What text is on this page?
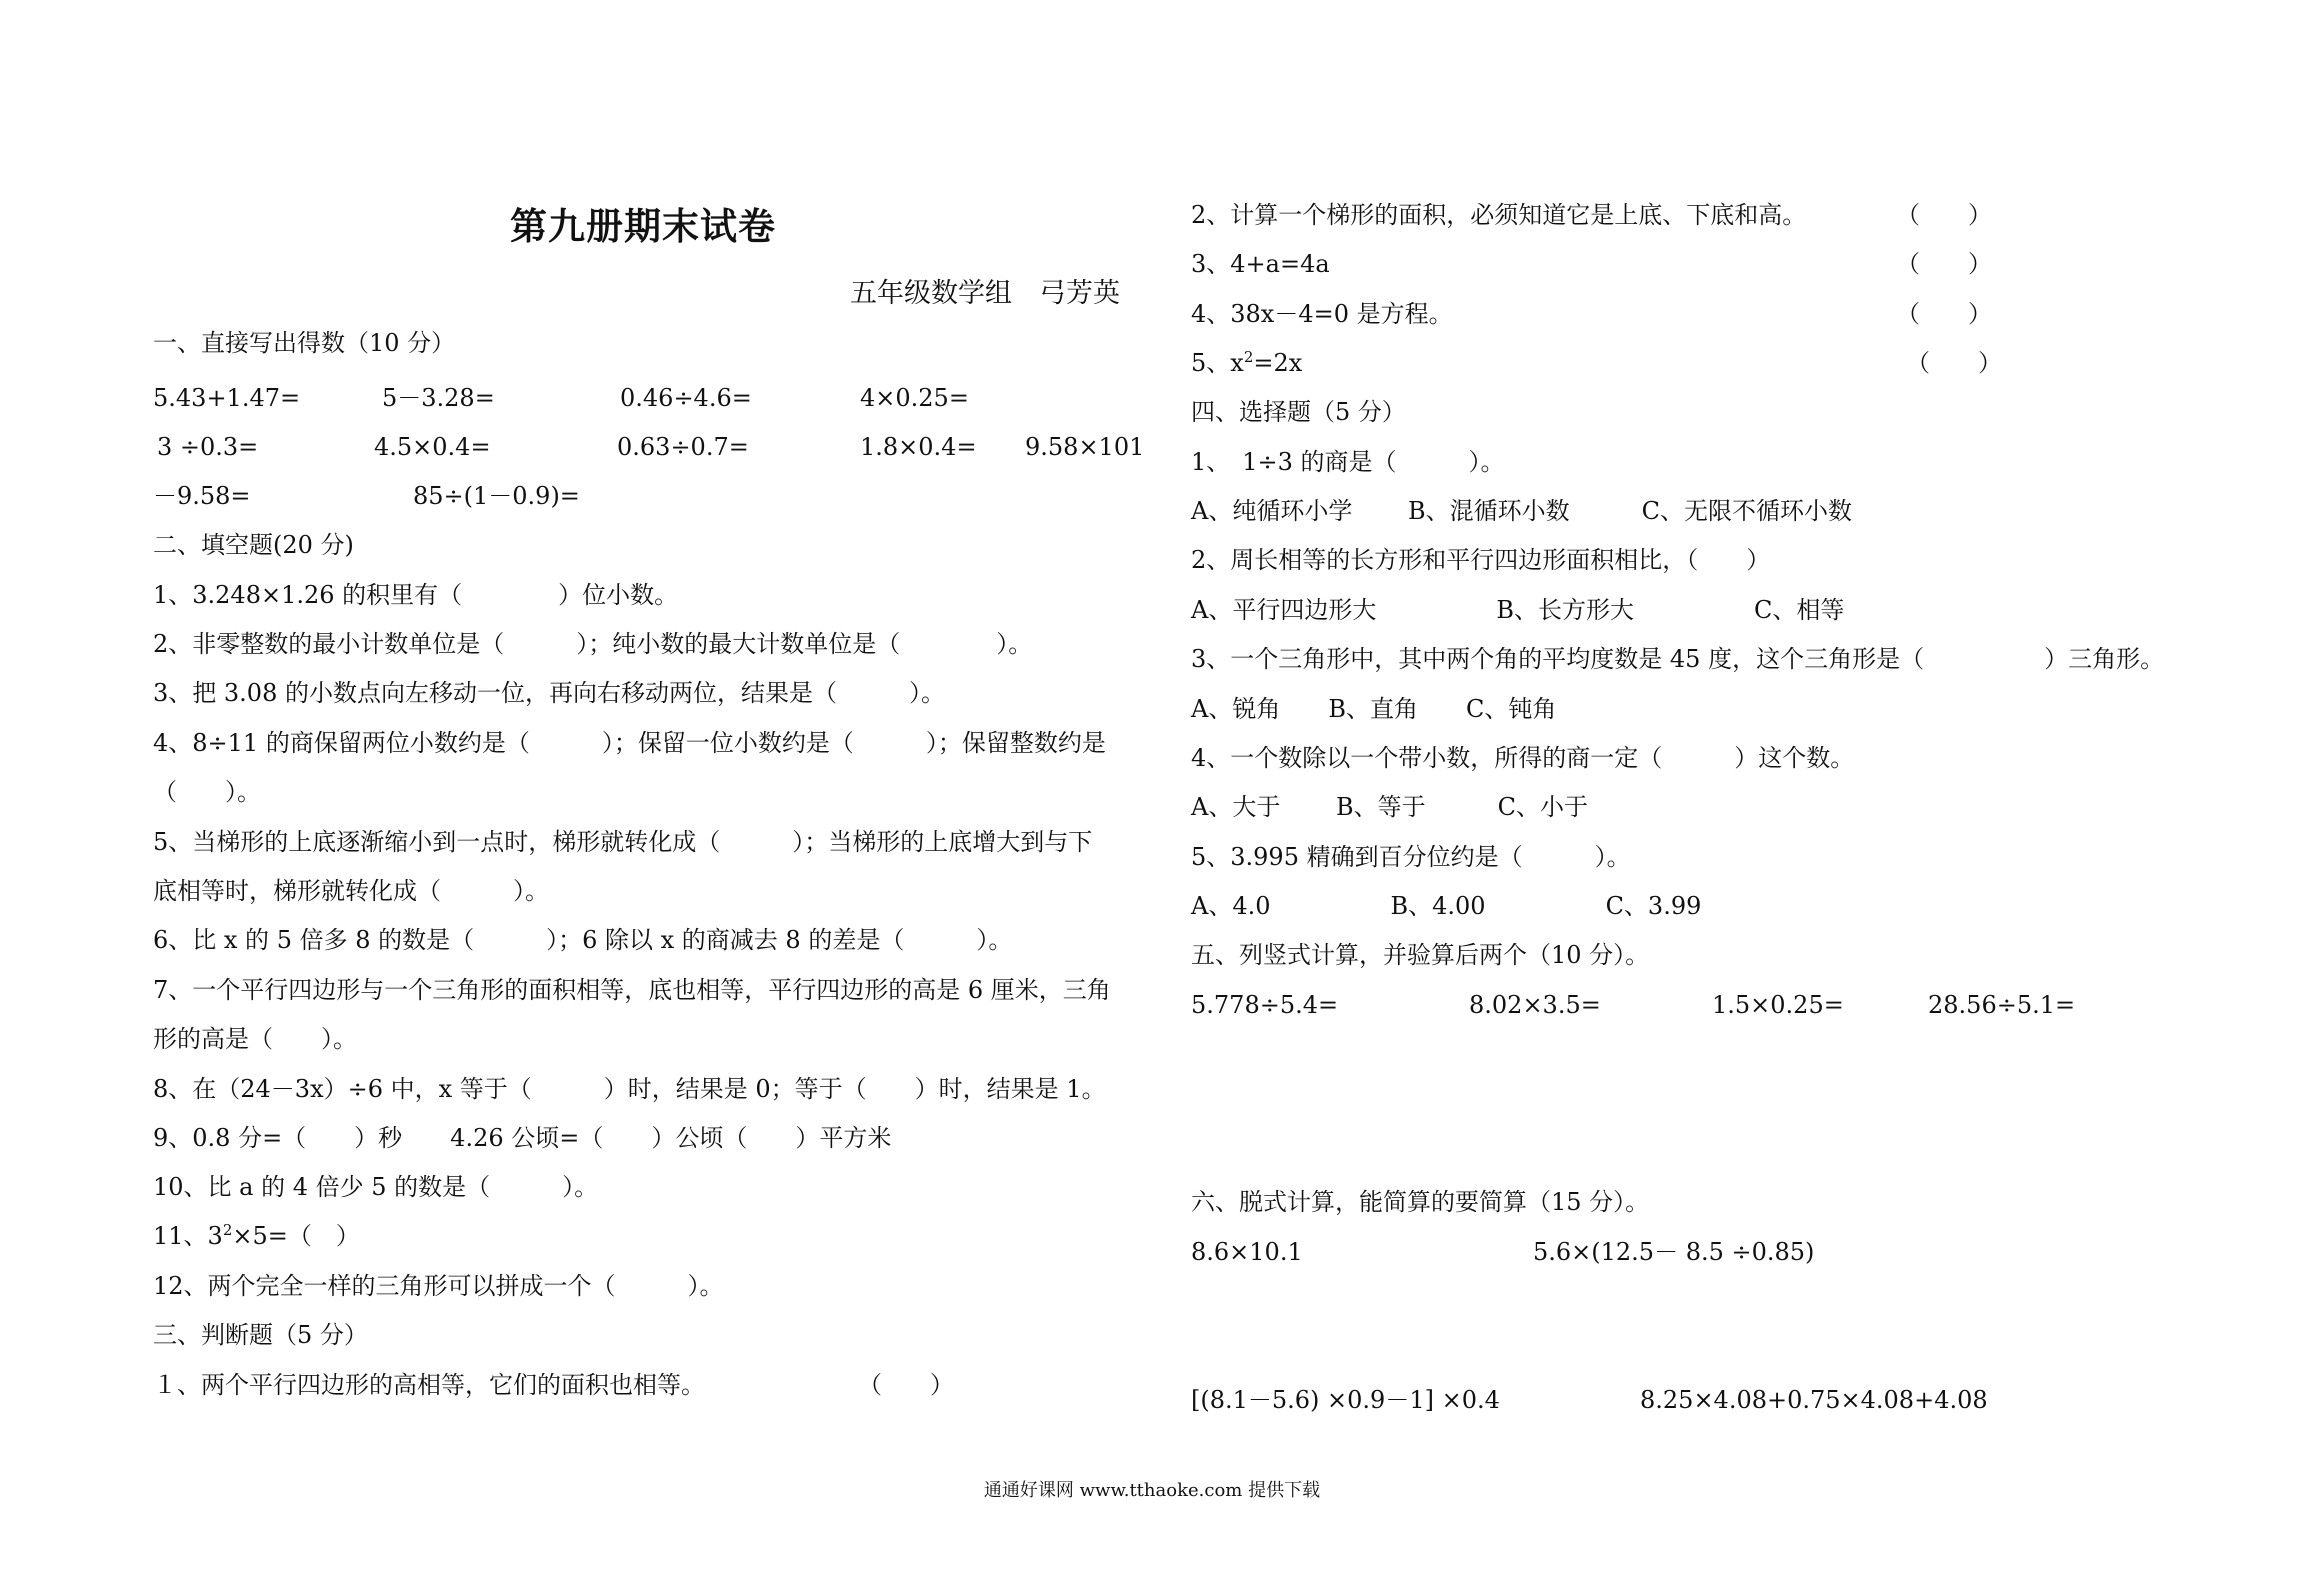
第九册期末试卷
五年级数学组　弓芳英
一、直接写出得数（10 分）
5.43+1.47=	5－3.28=	0.46÷4.6=	4×0.25=
3 ÷0.3=	4.5×0.4=	0.63÷0.7=	1.8×0.4= 9.58×101
－9.58=	85÷(1－0.9)=
二、填空题(20 分)
1、3.248×1.26 的积里有（　　　　）位小数。
2、非零整数的最小计数单位是（　　　）；纯小数的最大计数单位是（　　　　）。
3、把 3.08 的小数点向左移动一位，再向右移动两位，结果是（　　　）。
4、8÷11 的商保留两位小数约是（　　　）；保留一位小数约是（　　　）；保留整数约是
（　　）。
5、当梯形的上底逐渐缩小到一点时，梯形就转化成（　　　）；当梯形的上底增大到与下
底相等时，梯形就转化成（　　　）。
6、比 x 的 5 倍多 8 的数是（　　　）；6 除以 x 的商减去 8 的差是（　　　）。
7、一个平行四边形与一个三角形的面积相等，底也相等，平行四边形的高是 6 厘米，三角
形的高是（　　）。
8、在（24－3x）÷6 中，x 等于（　　　）时，结果是 0；等于（　　）时，结果是 1。
9、0.8 分=（　　）秒　　4.26 公顷=（　　）公顷（　　）平方米
10、比 a 的 4 倍少 5 的数是（　　　）。
11、$3^2\times 5=$（　）
12、两个完全一样的三角形可以拼成一个（　　　）。
三、判断题（5 分）
１、两个平行四边形的高相等，它们的面积也相等。	（　　）
2、计算一个梯形的面积，必须知道它是上底、下底和高。	（　　）
3、4+a=4a	（　　）
4、38x－4=0 是方程。	（　　）
5、$x^2=2x$	（　　）
四、选择题（5 分）
1、　1÷3 的商是（　　　）。
A、纯循环小学　　 B、混循环小数　　　C、无限不循环小数
2、周长相等的长方形和平行四边形面积相比，（　　）
A、平行四边形大　　　　　B、长方形大　　　　　C、相等
3、一个三角形中，其中两个角的平均度数是 45 度，这个三角形是（　　　　　）三角形。
A、锐角　　B、直角　　C、钝角
4、一个数除以一个带小数，所得的商一定（　　　）这个数。
A、大于　　 B、等于　　　C、小于
5、3.995 精确到百分位约是（　　　）。
A、4.0　　　　　B、4.00　　　　　C、3.99
五、列竖式计算，并验算后两个（10 分）。
5.778÷5.4=	8.02×3.5=	1.5×0.25=	28.56÷5.1=
六、脱式计算，能简算的要简算（15 分）。
8.6×10.1	5.6×(12.5－ 8.5 ÷0.85)
[(8.1－5.6) ×0.9－1] ×0.4	8.25×4.08+0.75×4.08+4.08
通通好课网 www.tthaoke.com 提供下载
